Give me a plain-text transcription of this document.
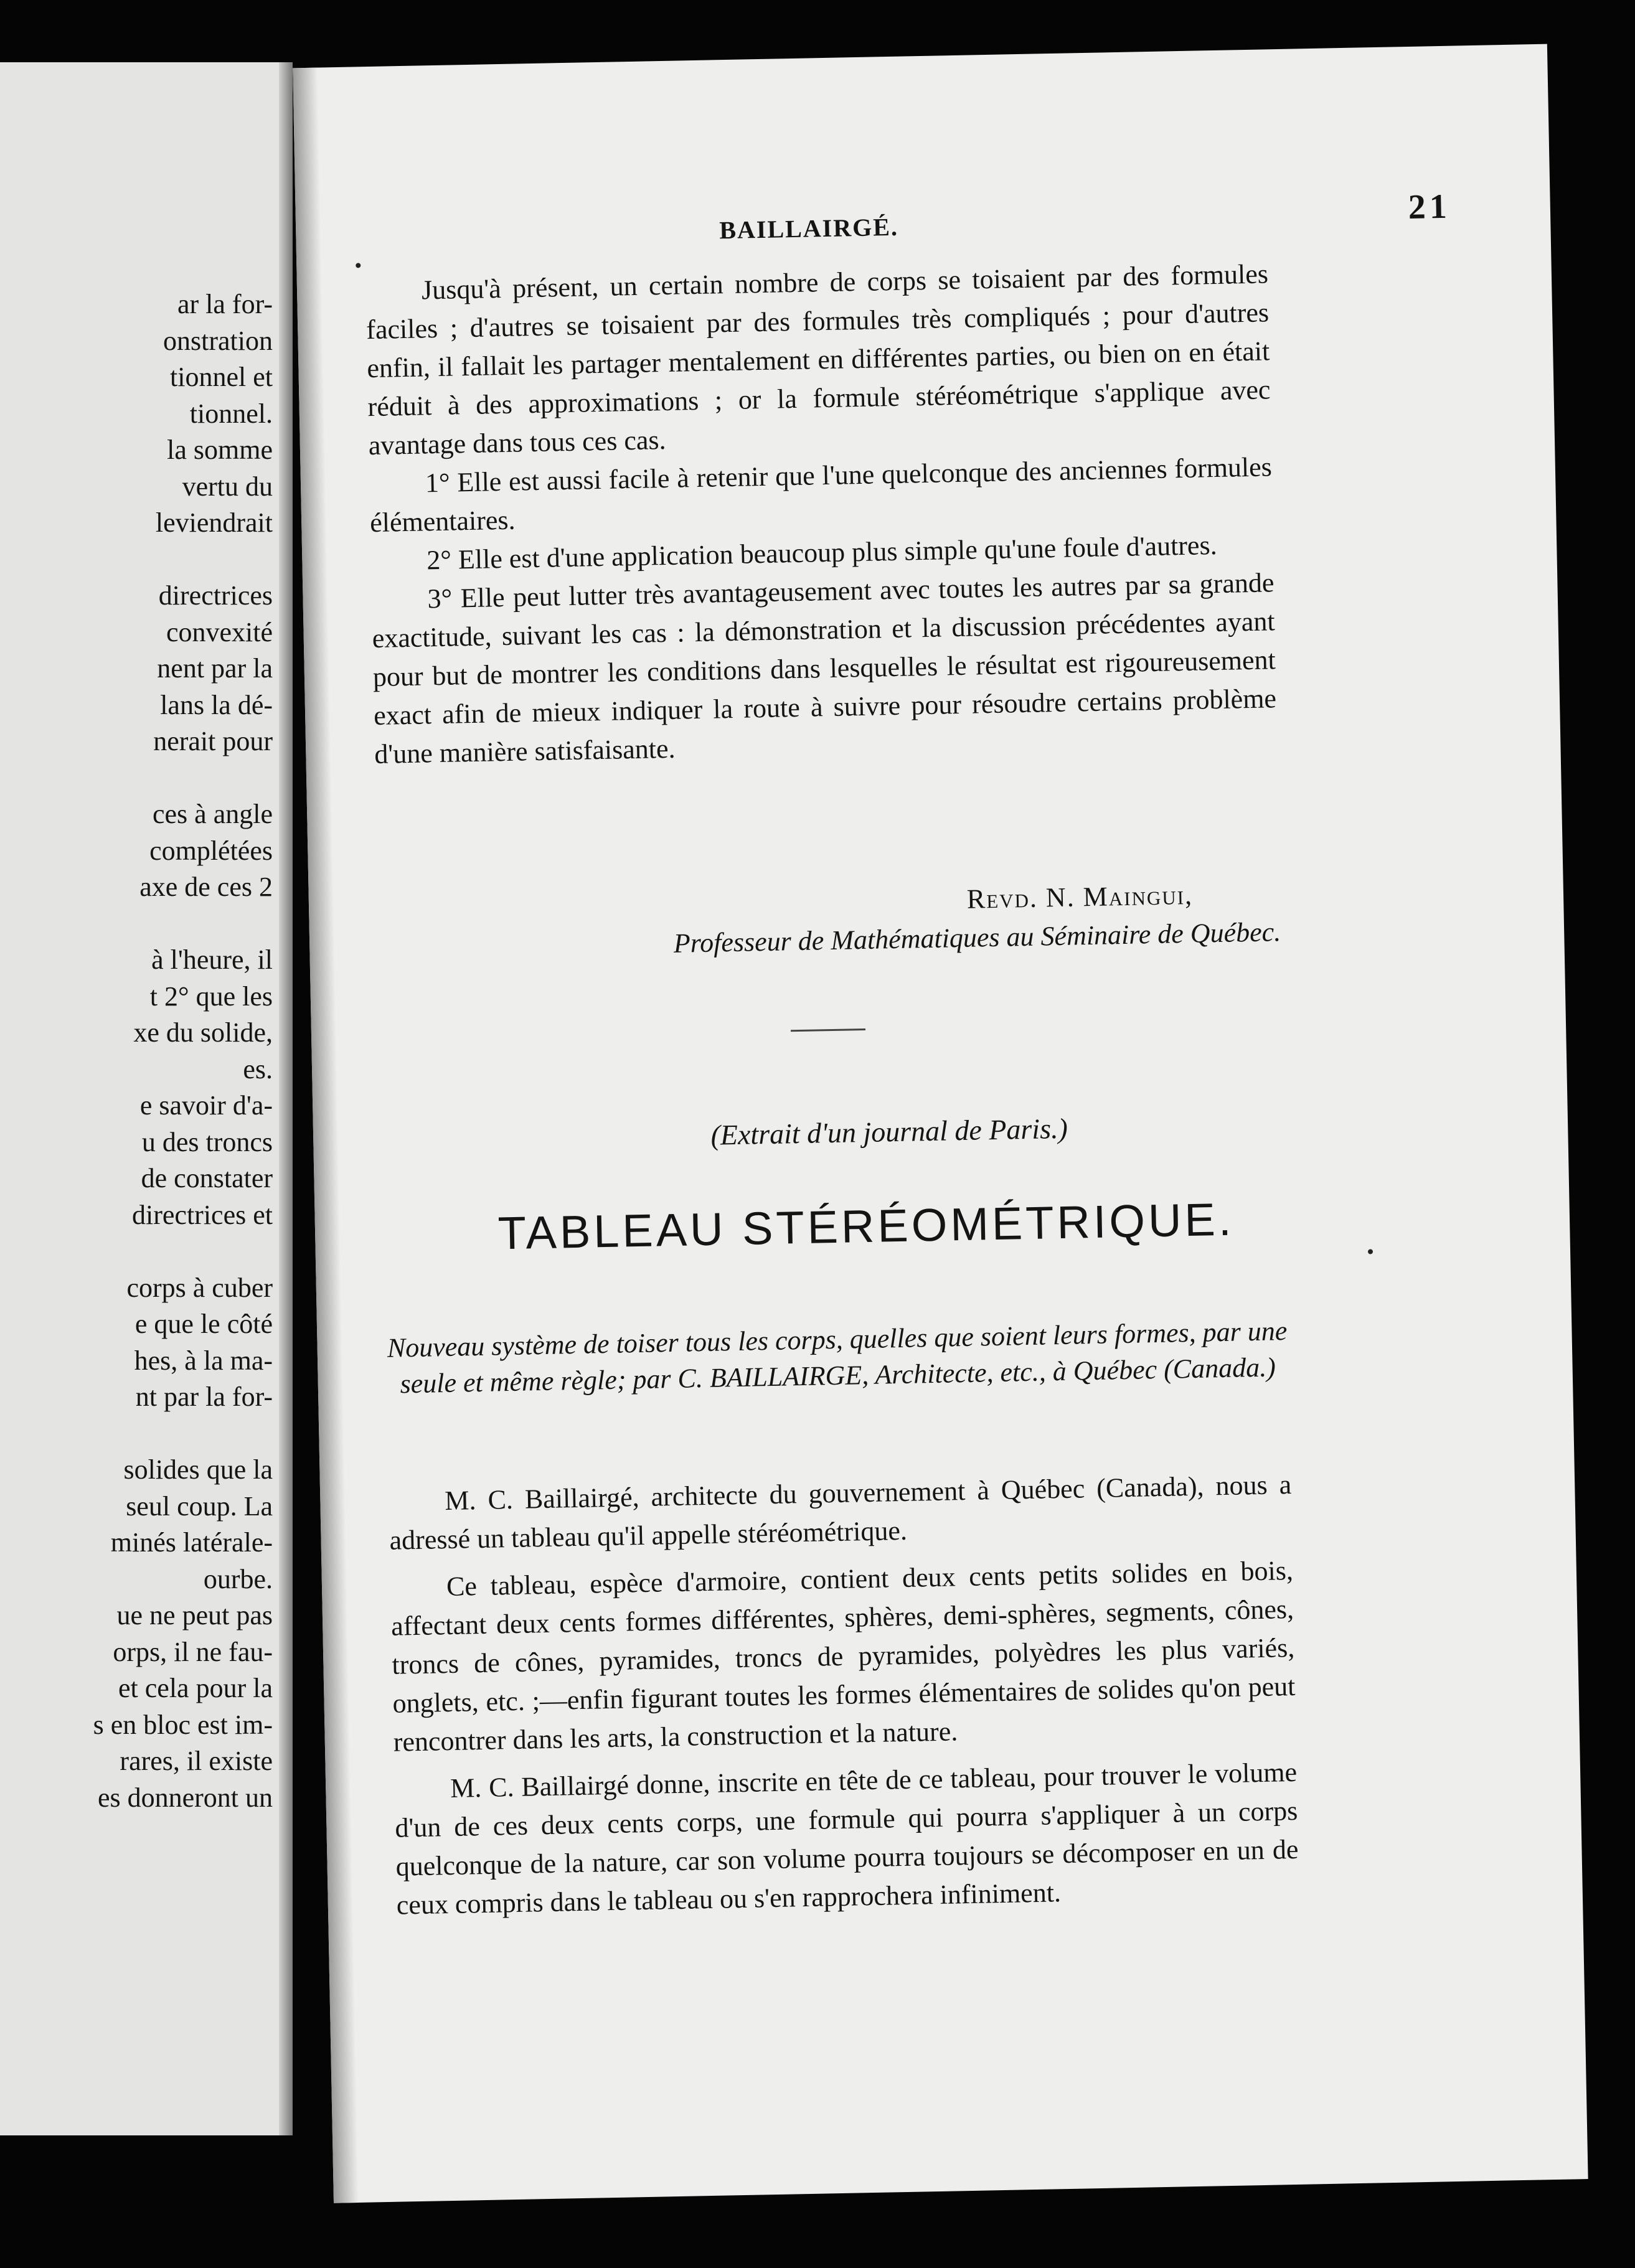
ar la for-
onstration
tionnel et
tionnel.
la somme
vertu du
leviendrait
directrices
convexité
nent par la
lans la dé-
nerait pour
ces à angle
complétées
axe de ces 2
à l'heure, il
t 2° que les
xe du solide,
es.
e savoir d'a-
u des troncs
de constater
directrices et
corps à cuber
e que le côté
hes, à la ma-
nt par la for-
solides que la
seul coup. La
minés latérale-
ourbe.
ue ne peut pas
orps, il ne fau-
et cela pour la
s en bloc est im-
rares, il existe
es donneront un
BAILLAIRGÉ.
21

Jusqu'à présent, un certain nombre de corps se toisaient par des formules faciles ; d'autres se toisaient par des formules très compliqués ; pour d'autres enfin, il fallait les partager mentalement en différentes parties, ou bien on en était réduit à des approximations ; or la formule stéréométrique s'applique avec avantage dans tous ces cas.

1° Elle est aussi facile à retenir que l'une quelconque des anciennes formules élémentaires.

2° Elle est d'une application beaucoup plus simple qu'une foule d'autres.

3° Elle peut lutter très avantageusement avec toutes les autres par sa grande exactitude, suivant les cas : la démonstration et la discussion précédentes ayant pour but de montrer les conditions dans lesquelles le résultat est rigoureusement exact afin de mieux indiquer la route à suivre pour résoudre certains problème d'une manière satisfaisante.

Revd. N. Maingui,
Professeur de Mathématiques au Séminaire de Québec.
(Extrait d'un journal de Paris.)
TABLEAU STÉRÉOMÉTRIQUE.
Nouveau système de toiser tous les corps, quelles que soient leurs formes, par une seule et même règle; par C. BAILLAIRGE, Architecte, etc., à Québec (Canada.)

M. C. Baillairgé, architecte du gouvernement à Québec (Canada), nous a adressé un tableau qu'il appelle stéréométrique.

Ce tableau, espèce d'armoire, contient deux cents petits solides en bois, affectant deux cents formes différentes, sphères, demi-sphères, segments, cônes, troncs de cônes, pyramides, troncs de pyramides, polyèdres les plus variés, onglets, etc. ;—enfin figurant toutes les formes élémentaires de solides qu'on peut rencontrer dans les arts, la construction et la nature.

M. C. Baillairgé donne, inscrite en tête de ce tableau, pour trouver le volume d'un de ces deux cents corps, une formule qui pourra s'appliquer à un corps quelconque de la nature, car son volume pourra toujours se décomposer en un de ceux compris dans le tableau ou s'en rapprochera infiniment.
